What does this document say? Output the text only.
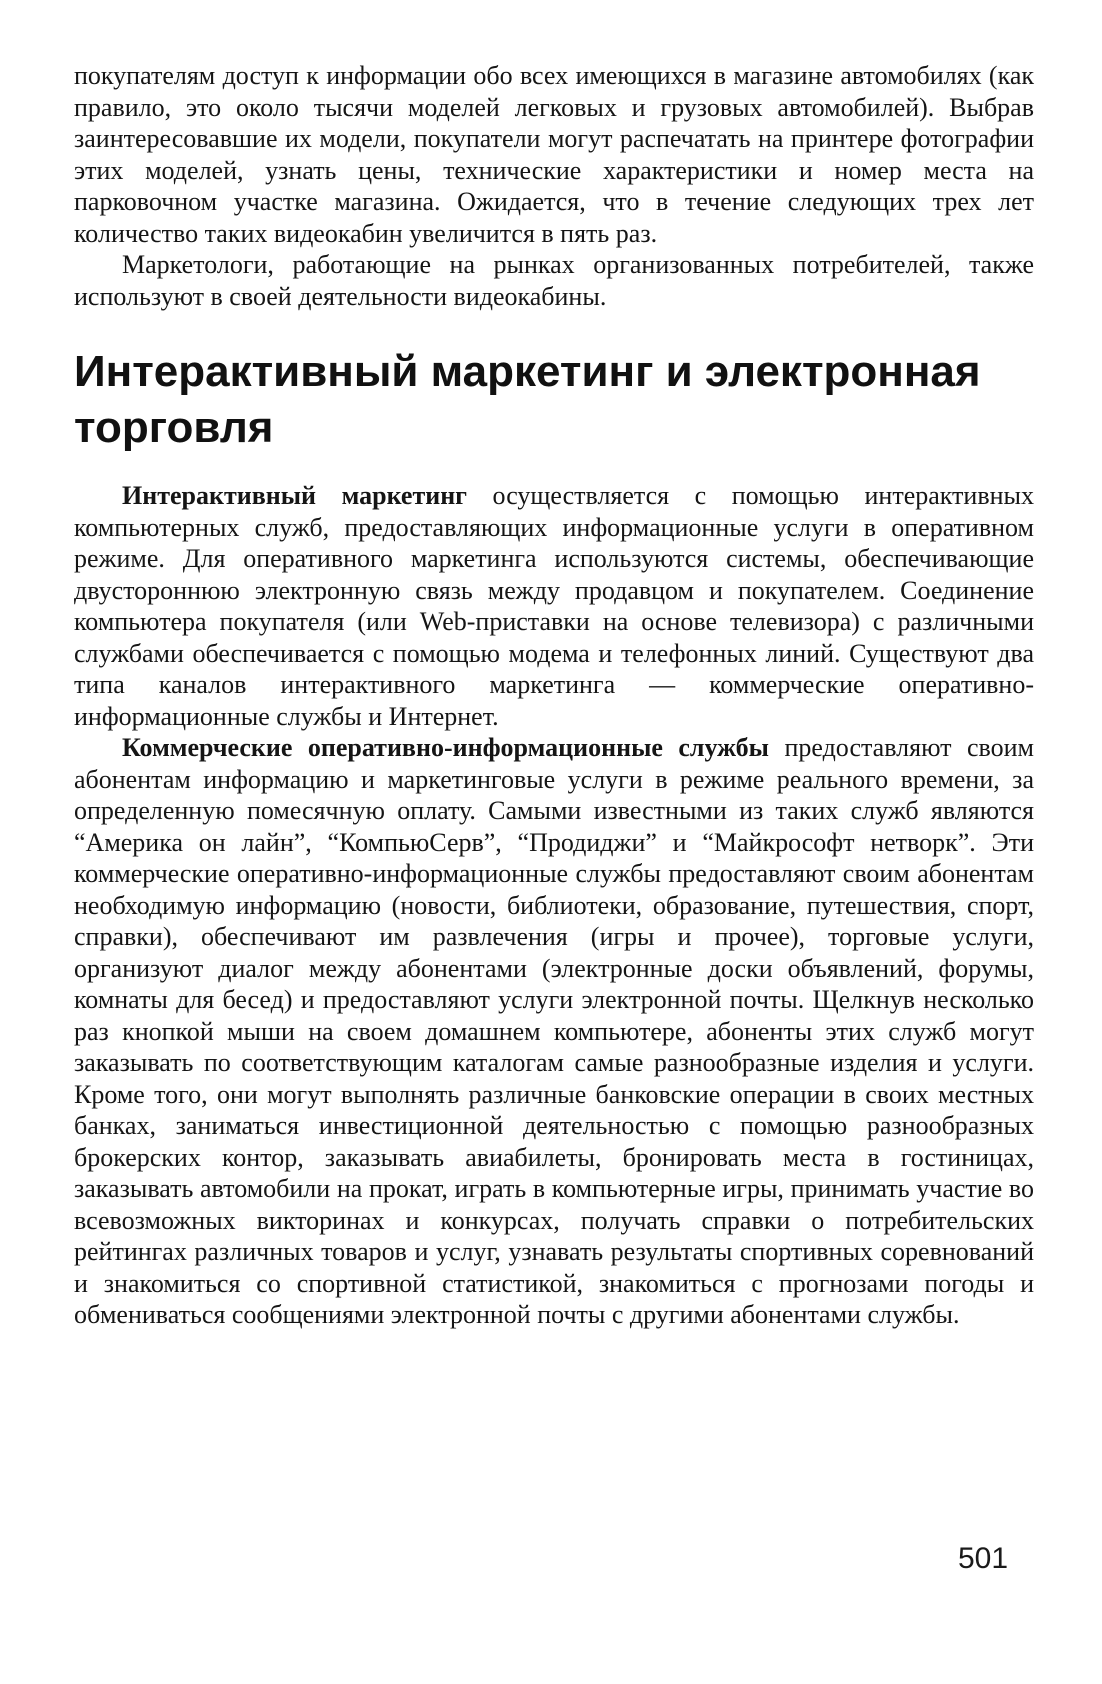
покупателям доступ к информации обо всех имеющихся в магазине автомобилях (как правило, это около тысячи моделей легковых и грузовых автомобилей). Выбрав заинтересовавшие их модели, покупатели могут распечатать на принтере фотографии этих моделей, узнать цены, технические характеристики и номер места на парковочном участке магазина. Ожидается, что в течение следующих трех лет количество таких видеокабин увеличится в пять раз.

Маркетологи, работающие на рынках организованных потребителей, также используют в своей деятельности видеокабины.

Интерактивный маркетинг и электронная
торговля

Интерактивный маркетинг осуществляется с помощью интерактивных компьютерных служб, предоставляющих информационные услуги в оперативном режиме. Для оперативного маркетинга используются системы, обеспечивающие двустороннюю электронную связь между продавцом и покупателем. Соединение компьютера покупателя (или Web-приставки на основе телевизора) с различными службами обеспечивается с помощью модема и телефонных линий. Существуют два типа каналов интерактивного маркетинга — коммерческие оперативно-информационные службы и Интернет.

Коммерческие оперативно-информационные службы предоставляют своим абонентам информацию и маркетинговые услуги в режиме реального времени, за определенную помесячную оплату. Самыми известными из таких служб являются “Америка он лайн”, “КомпьюСерв”, “Продиджи” и “Майкрософт нетворк”. Эти коммерческие оперативно-информационные службы предоставляют своим абонентам необходимую информацию (новости, библиотеки, образование, путешествия, спорт, справки), обеспечивают им развлечения (игры и прочее), торговые услуги, организуют диалог между абонентами (электронные доски объявлений, форумы, комнаты для бесед) и предоставляют услуги электронной почты. Щелкнув несколько раз кнопкой мыши на своем домашнем компьютере, абоненты этих служб могут заказывать по соответствующим каталогам самые разнообразные изделия и услуги. Кроме того, они могут выполнять различные банковские операции в своих местных банках, заниматься инвестиционной деятельностью с помощью разнообразных брокерских контор, заказывать авиабилеты, бронировать места в гостиницах, заказывать автомобили на прокат, играть в компьютерные игры, принимать участие во всевозможных викторинах и конкурсах, получать справки о потребительских рейтингах различных товаров и услуг, узнавать результаты спортивных соревнований и знакомиться со спортивной статистикой, знакомиться с прогнозами погоды и обмениваться сообщениями электронной почты с другими абонентами службы.

501
